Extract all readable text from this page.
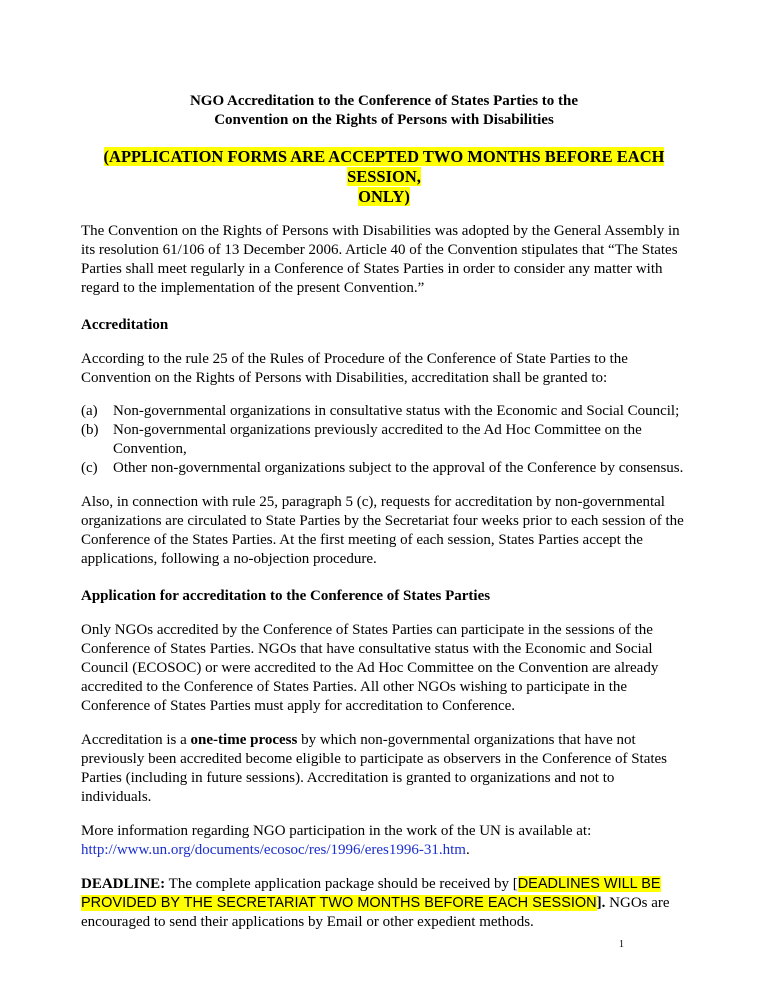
NGO Accreditation to the Conference of States Parties to the
Convention on the Rights of Persons with Disabilities
(APPLICATION FORMS ARE ACCEPTED TWO MONTHS BEFORE EACH SESSION,
ONLY)

The Convention on the Rights of Persons with Disabilities was adopted by the General Assembly in its resolution 61/106 of 13 December 2006. Article 40 of the Convention stipulates that “The States Parties shall meet regularly in a Conference of States Parties in order to consider any matter with regard to the implementation of the present Convention.”

Accreditation

According to the rule 25 of the Rules of Procedure of the Conference of State Parties to the Convention on the Rights of Persons with Disabilities, accreditation shall be granted to:

(a) Non-governmental organizations in consultative status with the Economic and Social Council;
(b) Non-governmental organizations previously accredited to the Ad Hoc Committee on the Convention,
(c) Other non-governmental organizations subject to the approval of the Conference by consensus.

Also, in connection with rule 25, paragraph 5 (c), requests for accreditation by non-governmental organizations are circulated to State Parties by the Secretariat four weeks prior to each session of the Conference of the States Parties. At the first meeting of each session, States Parties accept the applications, following a no-objection procedure.

Application for accreditation to the Conference of States Parties

Only NGOs accredited by the Conference of States Parties can participate in the sessions of the Conference of States Parties. NGOs that have consultative status with the Economic and Social Council (ECOSOC) or were accredited to the Ad Hoc Committee on the Convention are already accredited to the Conference of States Parties. All other NGOs wishing to participate in the Conference of States Parties must apply for accreditation to Conference.

Accreditation is a one-time process by which non-governmental organizations that have not previously been accredited become eligible to participate as observers in the Conference of States Parties (including in future sessions). Accreditation is granted to organizations and not to individuals.

More information regarding NGO participation in the work of the UN is available at:
http://www.un.org/documents/ecosoc/res/1996/eres1996-31.htm.

DEADLINE: The complete application package should be received by [DEADLINES WILL BE PROVIDED BY THE SECRETARIAT TWO MONTHS BEFORE EACH SESSION]. NGOs are encouraged to send their applications by Email or other expedient methods.

1
